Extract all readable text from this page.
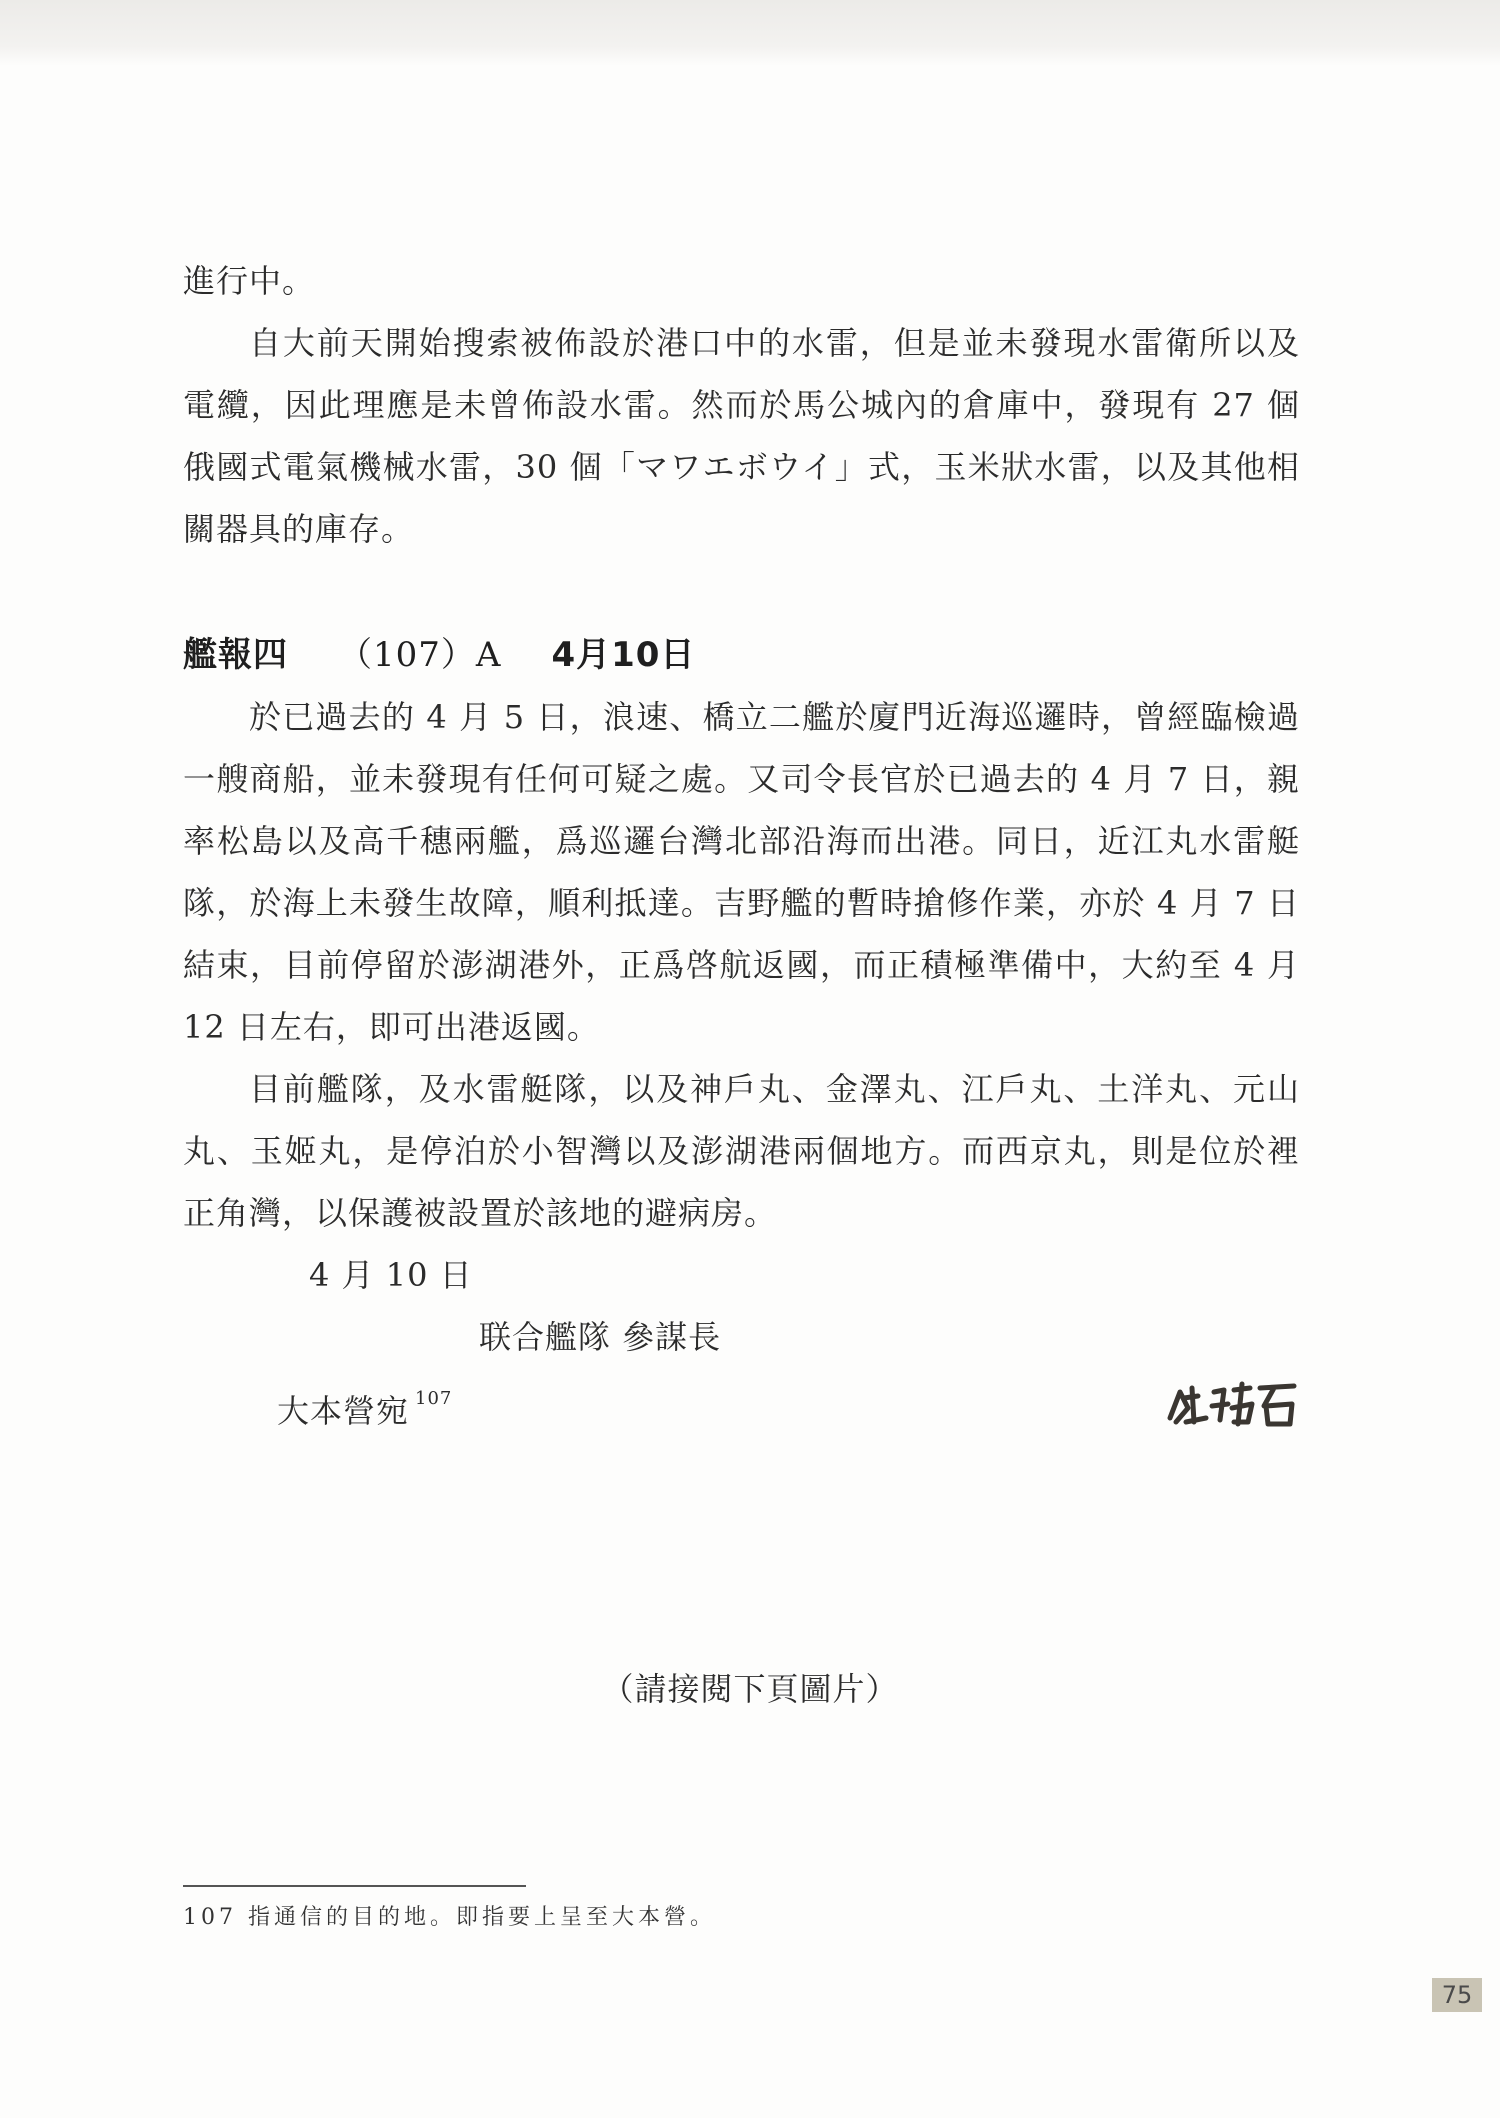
進行中。

自大前天開始搜索被佈設於港口中的水雷，但是並未發現水雷衛所以及電纜，因此理應是未曾佈設水雷。然而於馬公城內的倉庫中，發現有 27 個俄國式電氣機械水雷，30 個「マワエボウイ」式，玉米狀水雷，以及其他相關器具的庫存。

艦報四 （107）A 4月10日

於已過去的 4 月 5 日，浪速、橋立二艦於廈門近海巡邏時，曾經臨檢過一艘商船，並未發現有任何可疑之處。又司令長官於已過去的 4 月 7 日，親率松島以及高千穗兩艦，爲巡邏台灣北部沿海而出港。同日，近江丸水雷艇隊，於海上未發生故障，順利抵達。吉野艦的暫時搶修作業，亦於 4 月 7 日結束，目前停留於澎湖港外，正爲啓航返國，而正積極準備中，大約至 4 月 12 日左右，即可出港返國。

目前艦隊，及水雷艇隊，以及神戶丸、金澤丸、江戶丸、土洋丸、元山丸、玉姬丸，是停泊於小智灣以及澎湖港兩個地方。而西京丸，則是位於裡正角灣，以保護被設置於該地的避病房。

4 月 10 日

联合艦隊 參謀長

大本營宛 $^{107}$

（請接閱下頁圖片）
107 指通信的目的地。即指要上呈至大本營。
75
